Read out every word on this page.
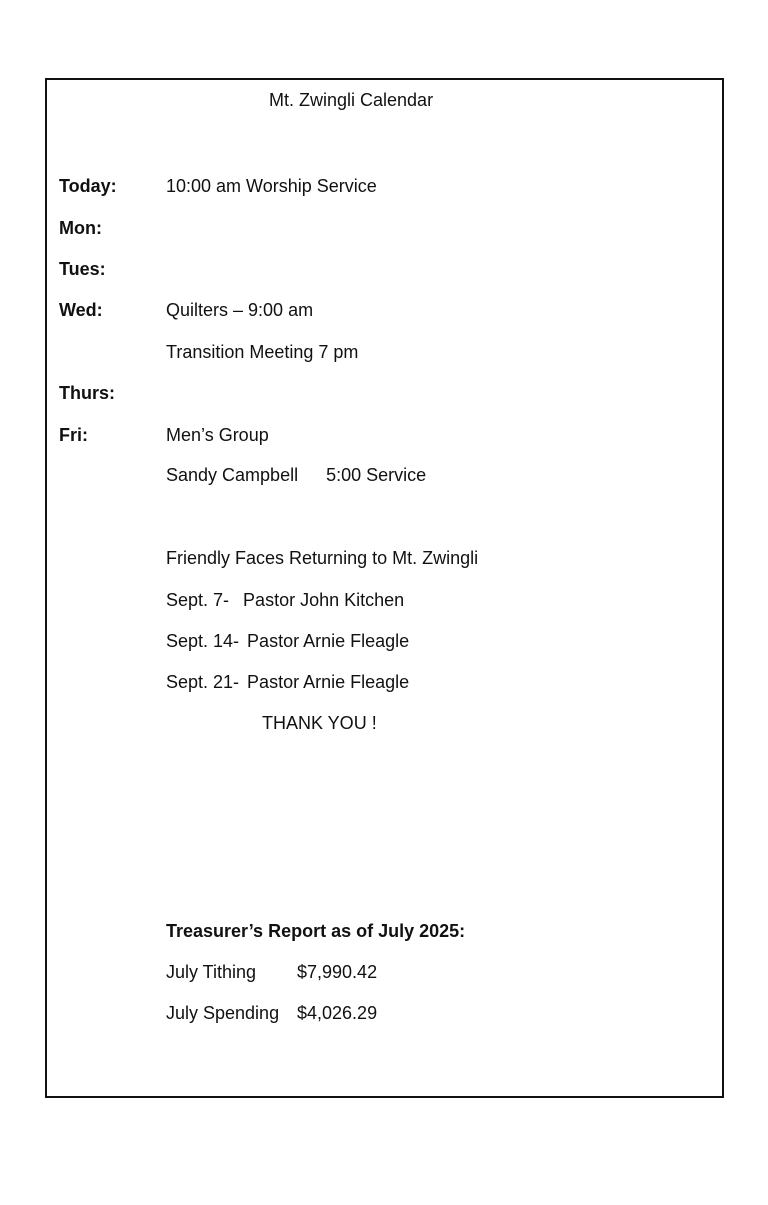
Mt. Zwingli Calendar
Today:	10:00 am Worship Service
Mon:
Tues:
Wed:	Quilters – 9:00 am
Transition Meeting 7 pm
Thurs:
Fri:	Men’s Group
Sandy Campbell 5:00 Service
Friendly Faces Returning to Mt. Zwingli
Sept. 7- Pastor John Kitchen
Sept. 14- Pastor Arnie Fleagle
Sept. 21- Pastor Arnie Fleagle
THANK YOU !
Treasurer’s Report as of July 2025:
July Tithing $7,990.42
July Spending $4,026.29
